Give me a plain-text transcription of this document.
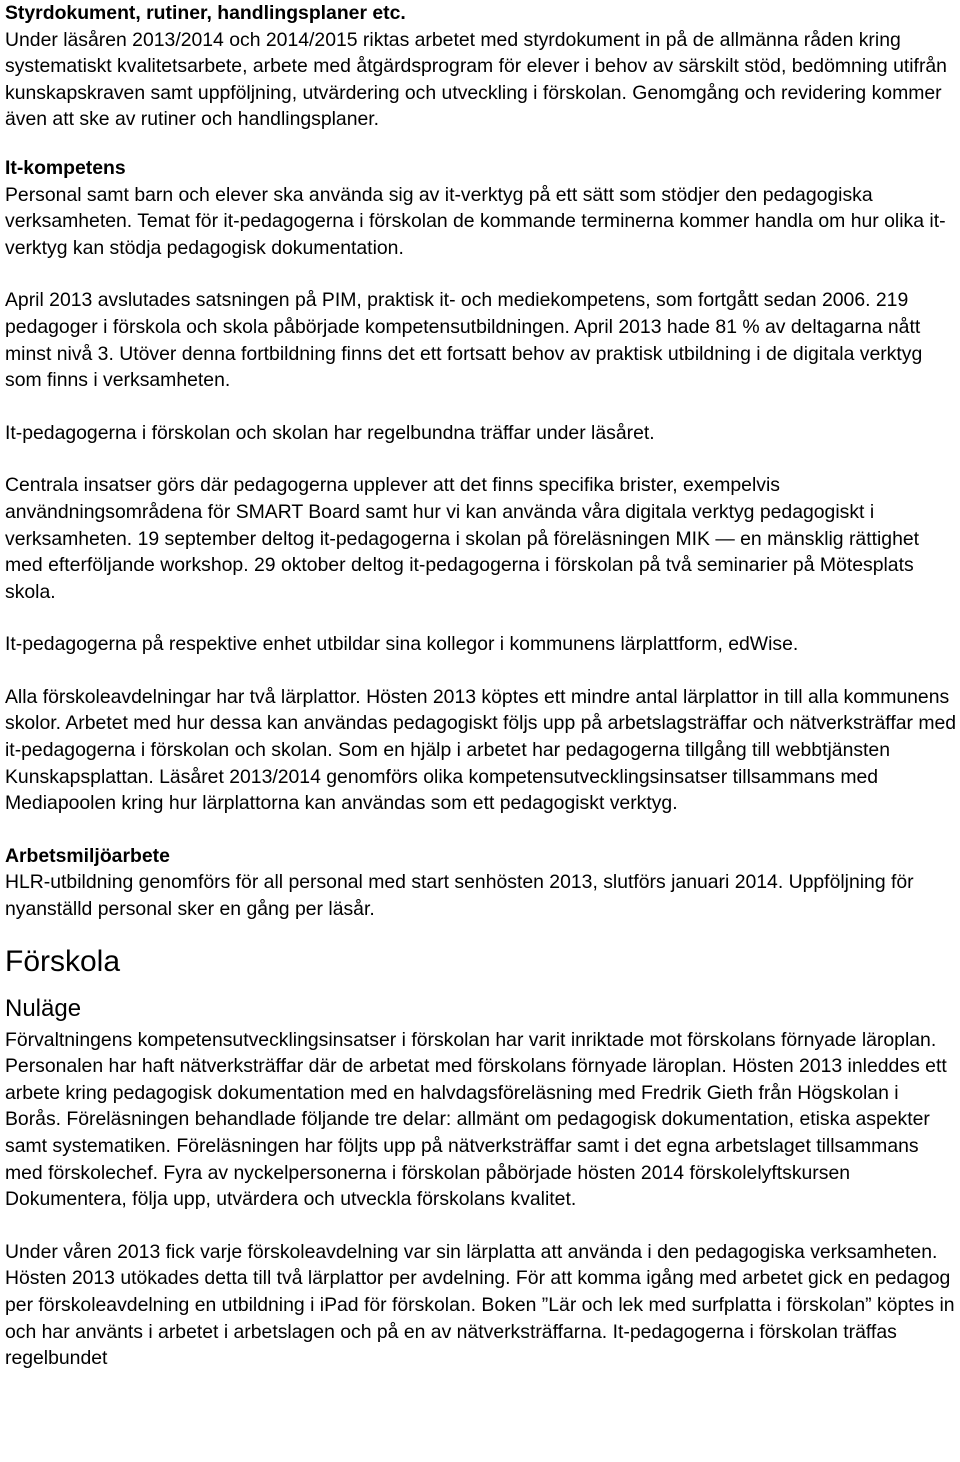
Styrdokument, rutiner, handlingsplaner etc.

Under läsåren 2013/2014 och 2014/2015 riktas arbetet med styrdokument in på de allmänna råden kring systematiskt kvalitetsarbete, arbete med åtgärdsprogram för elever i behov av särskilt stöd, bedömning utifrån kunskapskraven samt uppföljning, utvärdering och utveckling i förskolan. Genomgång och revidering kommer även att ske av rutiner och handlingsplaner.

It-kompetens

Personal samt barn och elever ska använda sig av it-verktyg på ett sätt som stödjer den pedagogiska verksamheten. Temat för it-pedagogerna i förskolan de kommande terminerna kommer handla om hur olika it-verktyg kan stödja pedagogisk dokumentation.

April 2013 avslutades satsningen på PIM, praktisk it- och mediekompetens, som fortgått sedan 2006. 219 pedagoger i förskola och skola påbörjade kompetensutbildningen. April 2013 hade 81 % av deltagarna nått minst nivå 3. Utöver denna fortbildning finns det ett fortsatt behov av praktisk utbildning i de digitala verktyg som finns i verksamheten.

It-pedagogerna i förskolan och skolan har regelbundna träffar under läsåret.

Centrala insatser görs där pedagogerna upplever att det finns specifika brister, exempelvis användningsområdena för SMART Board samt hur vi kan använda våra digitala verktyg pedagogiskt i verksamheten. 19 september deltog it-pedagogerna i skolan på föreläsningen MIK — en mänsklig rättighet med efterföljande workshop. 29 oktober deltog it-pedagogerna i förskolan på två seminarier på Mötesplats skola.

It-pedagogerna på respektive enhet utbildar sina kollegor i kommunens lärplattform, edWise.

Alla förskoleavdelningar har två lärplattor. Hösten 2013 köptes ett mindre antal lärplattor in till alla kommunens skolor. Arbetet med hur dessa kan användas pedagogiskt följs upp på arbetslagsträffar och nätverksträffar med it-pedagogerna i förskolan och skolan. Som en hjälp i arbetet har pedagogerna tillgång till webbtjänsten Kunskapsplattan. Läsåret 2013/2014 genomförs olika kompetensutvecklingsinsatser tillsammans med Mediapoolen kring hur lärplattorna kan användas som ett pedagogiskt verktyg.

Arbetsmiljöarbete

HLR-utbildning genomförs för all personal med start senhösten 2013, slutförs januari 2014. Uppföljning för nyanställd personal sker en gång per läsår.

Förskola
Nuläge

Förvaltningens kompetensutvecklingsinsatser i förskolan har varit inriktade mot förskolans förnyade läroplan. Personalen har haft nätverksträffar där de arbetat med förskolans förnyade läroplan. Hösten 2013 inleddes ett arbete kring pedagogisk dokumentation med en halvdagsföreläsning med Fredrik Gieth från Högskolan i Borås. Föreläsningen behandlade följande tre delar: allmänt om pedagogisk dokumentation, etiska aspekter samt systematiken. Föreläsningen har följts upp på nätverksträffar samt i det egna arbetslaget tillsammans med förskolechef. Fyra av nyckelpersonerna i förskolan påbörjade hösten 2014 förskolelyftskursen Dokumentera, följa upp, utvärdera och utveckla förskolans kvalitet.

Under våren 2013 fick varje förskoleavdelning var sin lärplatta att använda i den pedagogiska verksamheten. Hösten 2013 utökades detta till två lärplattor per avdelning. För att komma igång med arbetet gick en pedagog per förskoleavdelning en utbildning i iPad för förskolan. Boken ”Lär och lek med surfplatta i förskolan” köptes in och har använts i arbetet i arbetslagen och på en av nätverksträffarna. It-pedagogerna i förskolan träffas regelbundet
